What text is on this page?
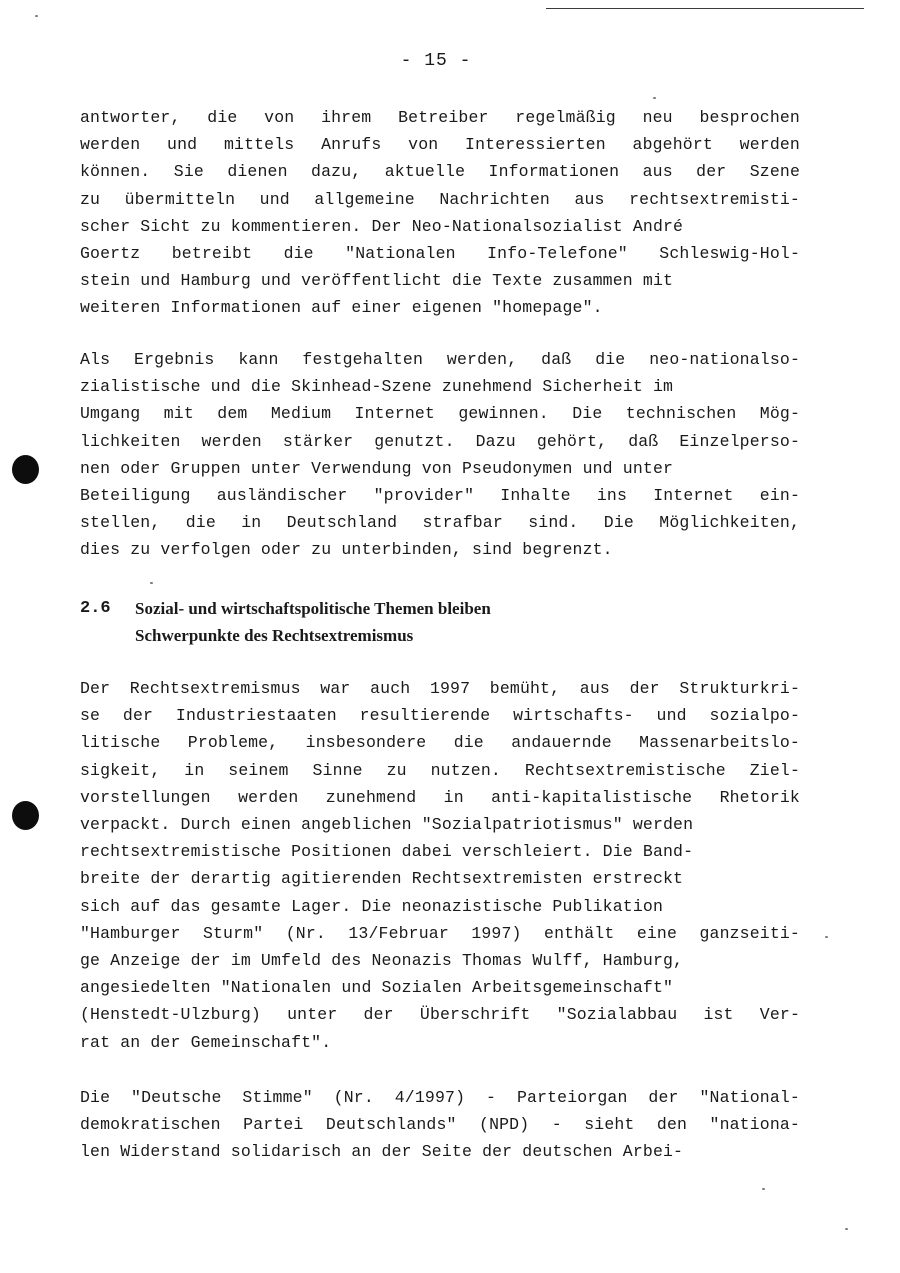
- 15 -
antworter, die von ihrem Betreiber regelmäßig neu besprochen
werden und mittels Anrufs von Interessierten abgehört werden
können. Sie dienen dazu, aktuelle Informationen aus der Szene
zu übermitteln und allgemeine Nachrichten aus rechtsextremisti-
scher Sicht zu kommentieren. Der Neo-Nationalsozialist André
Goertz betreibt die "Nationalen Info-Telefone" Schleswig-Hol-
stein und Hamburg und veröffentlicht die Texte zusammen mit
weiteren Informationen auf einer eigenen "homepage".
Als Ergebnis kann festgehalten werden, daß die neo-nationalso-
zialistische und die Skinhead-Szene zunehmend Sicherheit im
Umgang mit dem Medium Internet gewinnen. Die technischen Mög-
lichkeiten werden stärker genutzt. Dazu gehört, daß Einzelperso-
nen oder Gruppen unter Verwendung von Pseudonymen und unter
Beteiligung ausländischer "provider" Inhalte ins Internet ein-
stellen, die in Deutschland strafbar sind. Die Möglichkeiten,
dies zu verfolgen oder zu unterbinden, sind begrenzt.
2.6 Sozial- und wirtschaftspolitische Themen bleiben
Schwerpunkte des Rechtsextremismus
Der Rechtsextremismus war auch 1997 bemüht, aus der Strukturkri-
se der Industriestaaten resultierende wirtschafts- und sozialpo-
litische Probleme, insbesondere die andauernde Massenarbeitslo-
sigkeit, in seinem Sinne zu nutzen. Rechtsextremistische Ziel-
vorstellungen werden zunehmend in anti-kapitalistische Rhetorik
verpackt. Durch einen angeblichen "Sozialpatriotismus" werden
rechtsextremistische Positionen dabei verschleiert. Die Band-
breite der derartig agitierenden Rechtsextremisten erstreckt
sich auf das gesamte Lager. Die neonazistische Publikation
"Hamburger Sturm" (Nr. 13/Februar 1997) enthält eine ganzseiti-
ge Anzeige der im Umfeld des Neonazis Thomas Wulff, Hamburg,
angesiedelten "Nationalen und Sozialen Arbeitsgemeinschaft"
(Henstedt-Ulzburg) unter der Überschrift "Sozialabbau ist Ver-
rat an der Gemeinschaft".
Die "Deutsche Stimme" (Nr. 4/1997) - Parteiorgan der "National-
demokratischen Partei Deutschlands" (NPD) - sieht den "nationa-
len Widerstand solidarisch an der Seite der deutschen Arbei-
